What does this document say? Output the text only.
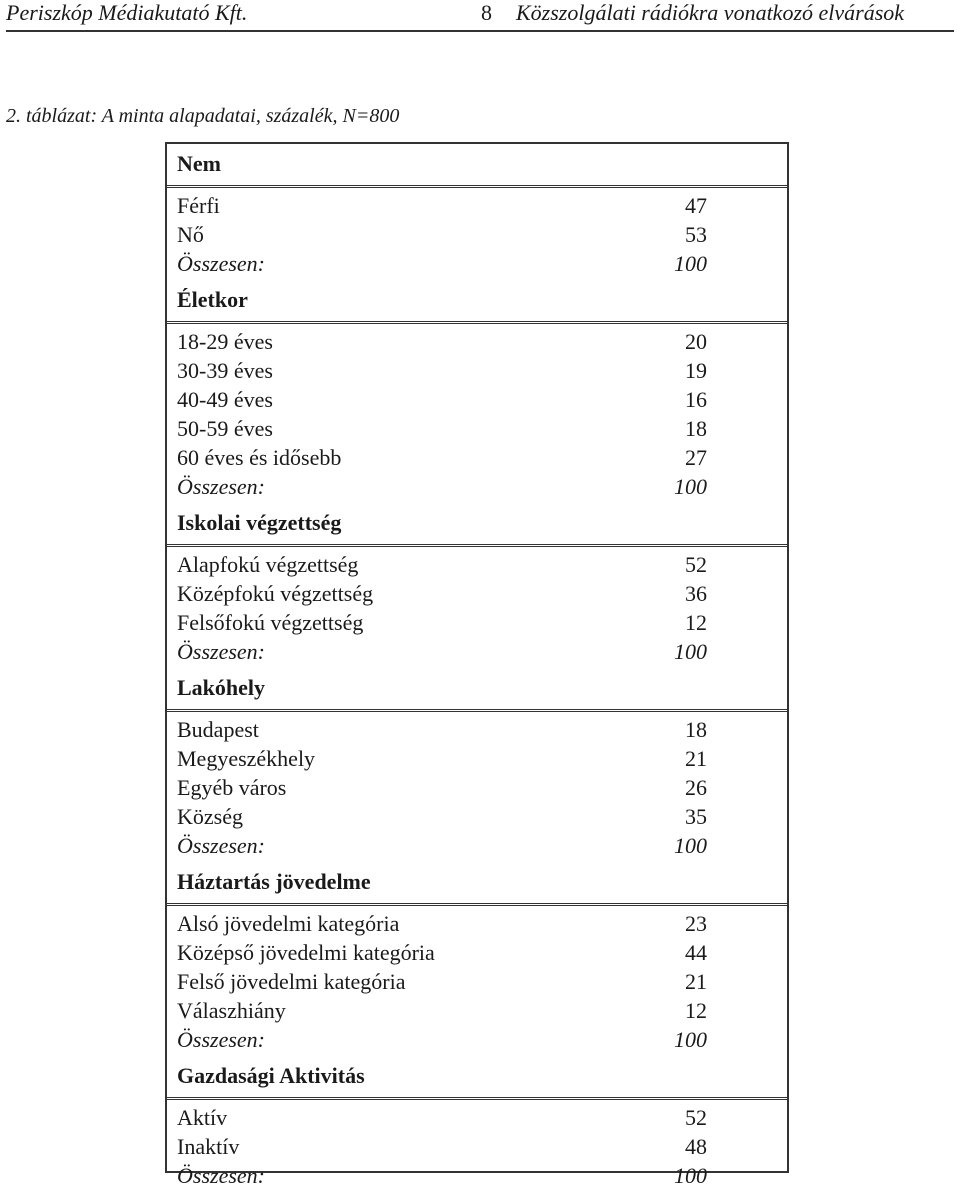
Periszkóp Médiakutató Kft.	8 Közszolgálati rádiókra vonatkozó elvárások
2. táblázat: A minta alapadatai, százalék, N=800
Nem
Férfi	47
Nő	53
Összesen:	100
Életkor
18-29 éves	20
30-39 éves	19
40-49 éves	16
50-59 éves	18
60 éves és idősebb	27
Összesen:	100
Iskolai végzettség
Alapfokú végzettség	52
Középfokú végzettség	36
Felsőfokú végzettség	12
Összesen:	100
Lakóhely
Budapest	18
Megyeszékhely	21
Egyéb város	26
Község	35
Összesen:	100
Háztartás jövedelme
Alsó jövedelmi kategória	23
Középső jövedelmi kategória	44
Felső jövedelmi kategória	21
Válaszhiány	12
Összesen:	100
Gazdasági Aktivitás
Aktív	52
Inaktív	48
Összesen:	100
